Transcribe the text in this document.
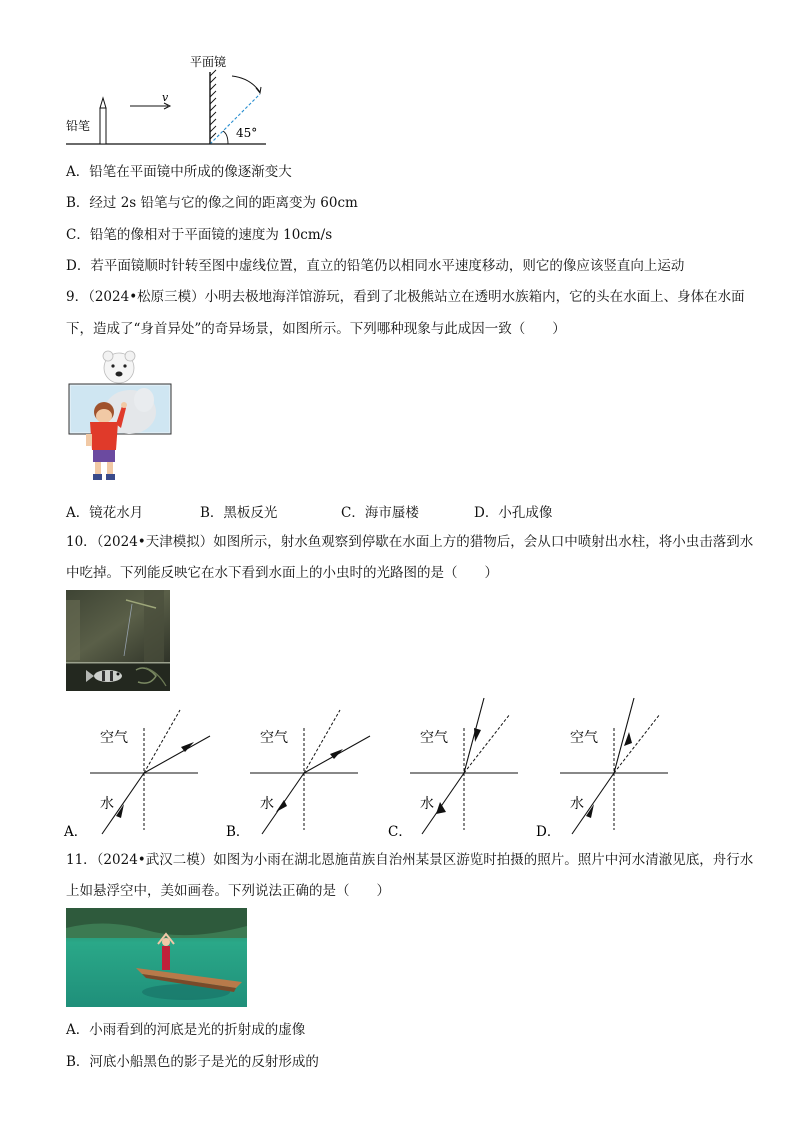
平面镜
45°
铅笔
v
A．铅笔在平面镜中所成的像逐渐变大
B．经过 2s 铅笔与它的像之间的距离变为 60cm
C．铅笔的像相对于平面镜的速度为 10cm/s
D．若平面镜顺时针转至图中虚线位置，直立的铅笔仍以相同水平速度移动，则它的像应该竖直向上运动
9．（2024•松原三模）小明去极地海洋馆游玩，看到了北极熊站立在透明水族箱内，它的头在水面上、身体在水面
下，造成了“身首异处”的奇异场景，如图所示。下列哪种现象与此成因一致（　　）
A．镜花水月	B．黑板反光	C．海市蜃楼	D．小孔成像
10．（2024•天津模拟）如图所示，射水鱼观察到停歇在水面上方的猎物后，会从口中喷射出水柱，将小虫击落到水
中吃掉。下列能反映它在水下看到水面上的小虫时的光路图的是（　　）
空气
水
A．
空气
水
B．
空气
水
C．
空气
水
D．
11．（2024•武汉二模）如图为小雨在湖北恩施苗族自治州某景区游览时拍摄的照片。照片中河水清澈见底，舟行水
上如悬浮空中，美如画卷。下列说法正确的是（　　）
A．小雨看到的河底是光的折射成的虚像
B．河底小船黑色的影子是光的反射形成的
